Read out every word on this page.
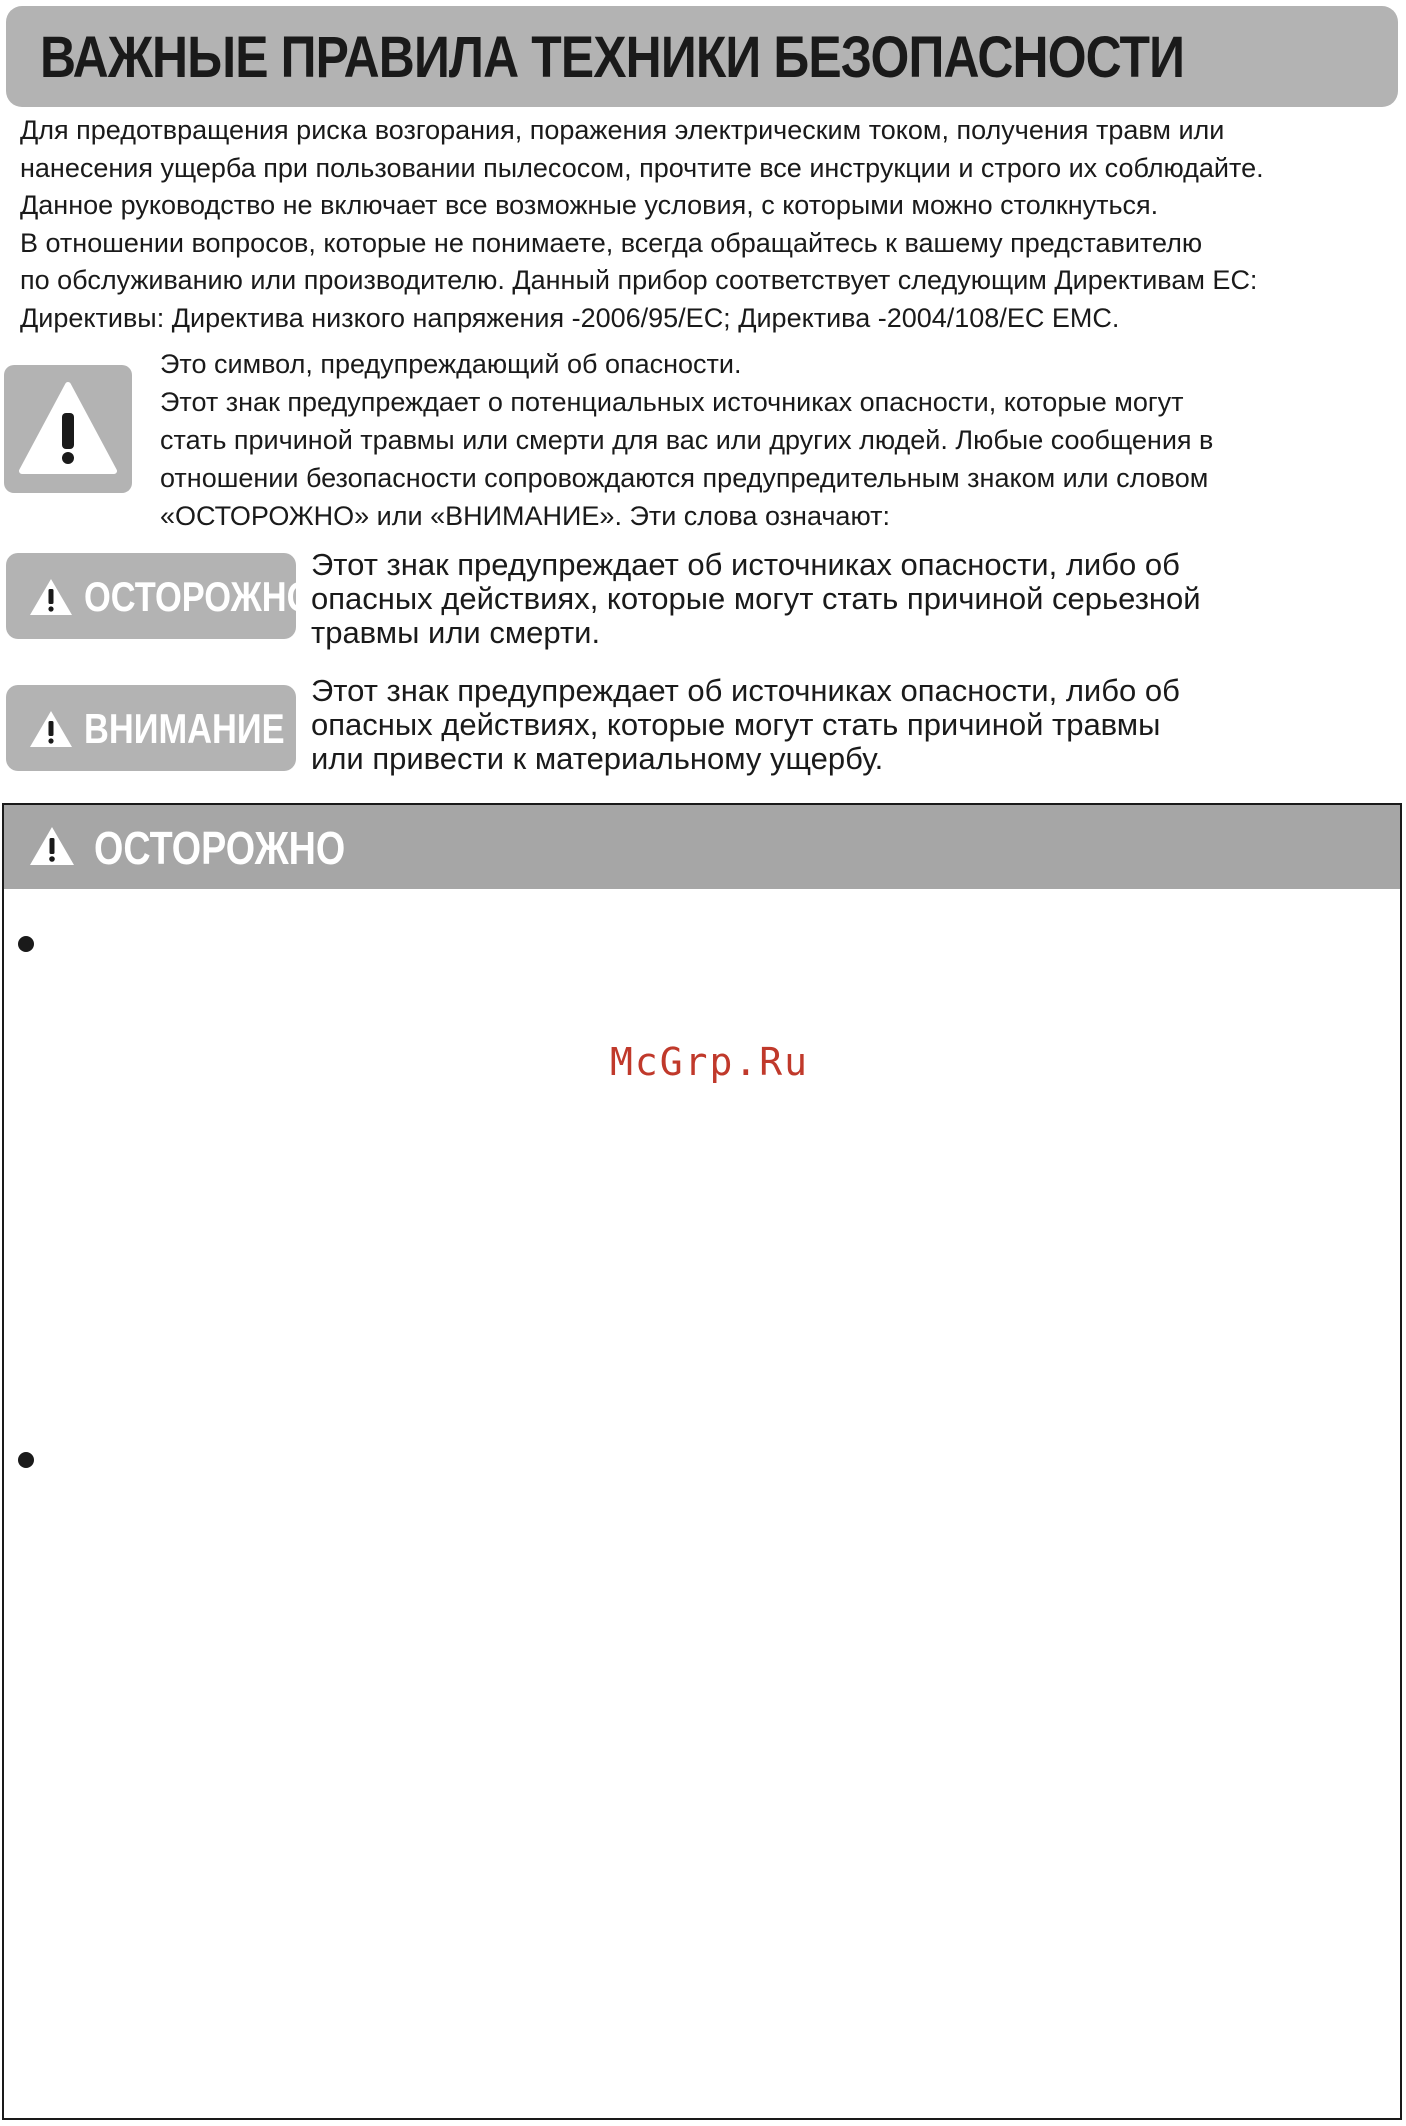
ВАЖНЫЕ ПРАВИЛА ТЕХНИКИ БЕЗОПАСНОСТИ
Для предотвращения риска возгорания, поражения электрическим током, получения травм или
нанесения ущерба при пользовании пылесосом, прочтите все инструкции и строго их соблюдайте.
Данное руководство не включает все возможные условия, с которыми можно столкнуться.
В отношении вопросов, которые не понимаете, всегда обращайтесь к вашему представителю
по обслуживанию или производителю. Данный прибор соответствует следующим Директивам ЕС:
Директивы: Директива низкого напряжения -2006/95/EC; Директива -2004/108/EC EMC.
Это символ, предупреждающий об опасности.
Этот знак предупреждает о потенциальных источниках опасности, которые могут
стать причиной травмы или смерти для вас или других людей. Любые сообщения в
отношении безопасности сопровождаются предупредительным знаком или словом
«ОСТОРОЖНО» или «ВНИМАНИЕ». Эти слова означают:
ОСТОРОЖНО
Этот знак предупреждает об источниках опасности, либо об
опасных действиях, которые могут стать причиной серьезной
травмы или смерти.
ВНИМАНИЕ
Этот знак предупреждает об источниках опасности, либо об
опасных действиях, которые могут стать причиной травмы
или привести к материальному ущербу.
ОСТОРОЖНО
McGrp.Ru
